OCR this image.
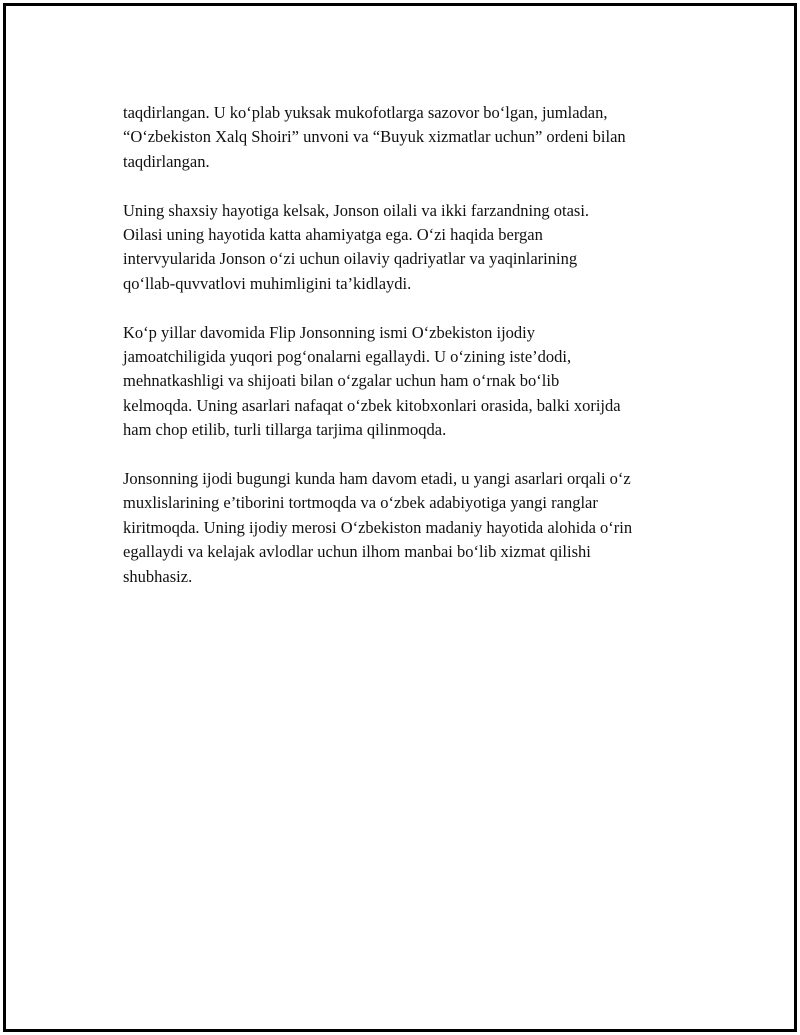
taqdirlangan. U ko‘plab yuksak mukofotlarga sazovor bo‘lgan, jumladan,
“O‘zbekiston Xalq Shoiri” unvoni va “Buyuk xizmatlar uchun” ordeni bilan
taqdirlangan.

Uning shaxsiy hayotiga kelsak, Jonson oilali va ikki farzandning otasi.
Oilasi uning hayotida katta ahamiyatga ega. O‘zi haqida bergan
intervyularida Jonson o‘zi uchun oilaviy qadriyatlar va yaqinlarining
qo‘llab-quvvatlovi muhimligini ta’kidlaydi.

Ko‘p yillar davomida Flip Jonsonning ismi O‘zbekiston ijodiy
jamoatchiligida yuqori pog‘onalarni egallaydi. U o‘zining iste’dodi,
mehnatkashligi va shijoati bilan o‘zgalar uchun ham o‘rnak bo‘lib
kelmoqda. Uning asarlari nafaqat o‘zbek kitobxonlari orasida, balki xorijda
ham chop etilib, turli tillarga tarjima qilinmoqda.

Jonsonning ijodi bugungi kunda ham davom etadi, u yangi asarlari orqali o‘z
muxlislarining e’tiborini tortmoqda va o‘zbek adabiyotiga yangi ranglar
kiritmoqda. Uning ijodiy merosi O‘zbekiston madaniy hayotida alohida o‘rin
egallaydi va kelajak avlodlar uchun ilhom manbai bo‘lib xizmat qilishi
shubhasiz.
